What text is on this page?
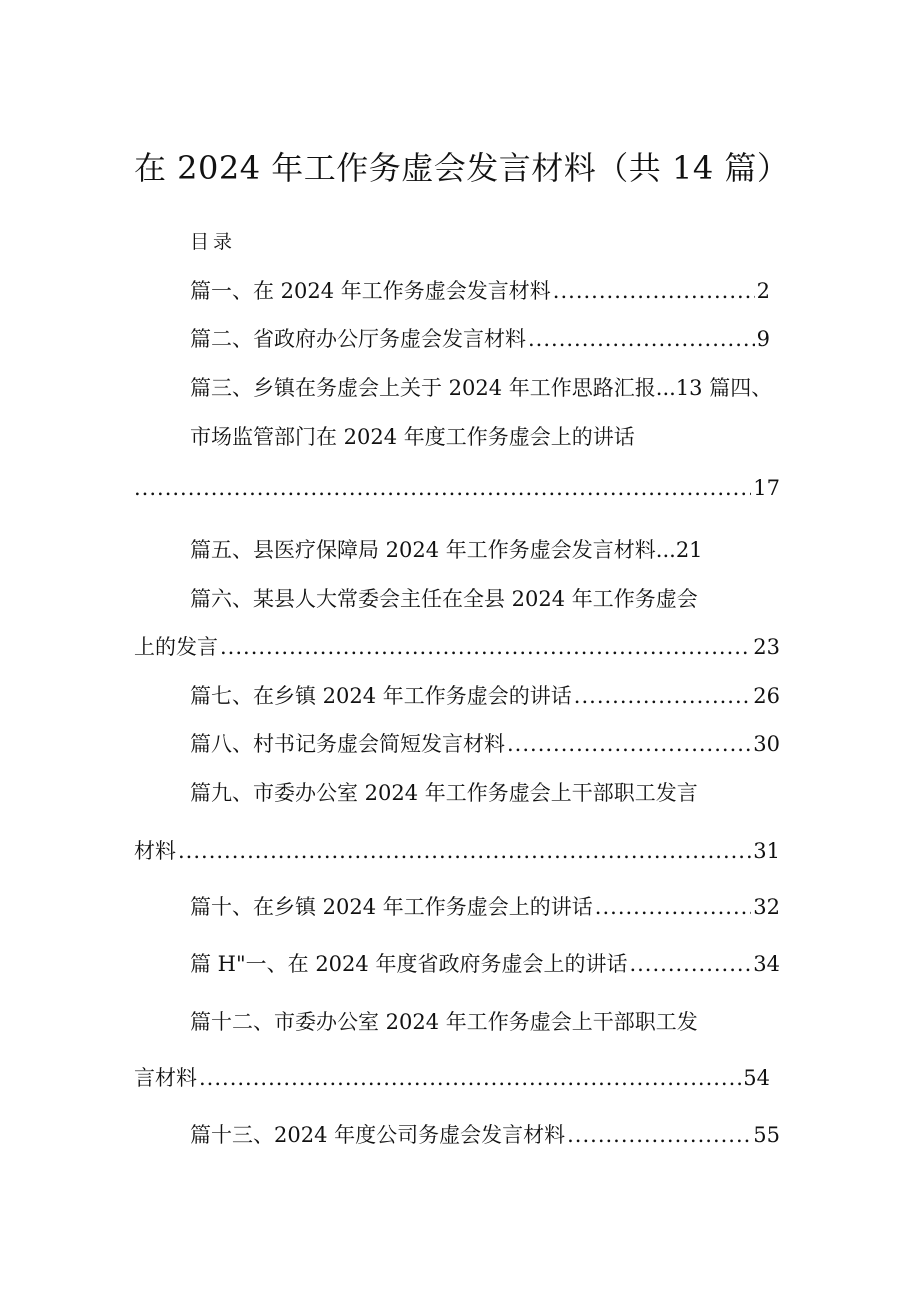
在 2024 年工作务虚会发言材料（共 14 篇）
目录
篇一、在 2024 年工作务虚会发言材料 .....	2
篇二、省政府办公厅务虚会发言材料 .....	9
篇三、乡镇在务虚会上关于 2024 年工作思路汇报...13 篇四、
市场监管部门在 2024 年度工作务虚会上的讲话
.....
17
篇五、县医疗保障局 2024 年工作务虚会发言材料...21
篇六、某县人大常委会主任在全县 2024 年工作务虚会
上的发言 .....	23
篇七、在乡镇 2024 年工作务虚会的讲话 .....	26
篇八、村书记务虚会简短发言材料 .....	30
篇九、市委办公室 2024 年工作务虚会上干部职工发言
材料 .....	31
篇十、在乡镇 2024 年工作务虚会上的讲话 .....	32
篇 H"一、在 2024 年度省政府务虚会上的讲话 .....	34
篇十二、市委办公室 2024 年工作务虚会上干部职工发
言材料 .....	54
篇十三、2024 年度公司务虚会发言材料 .....	55
